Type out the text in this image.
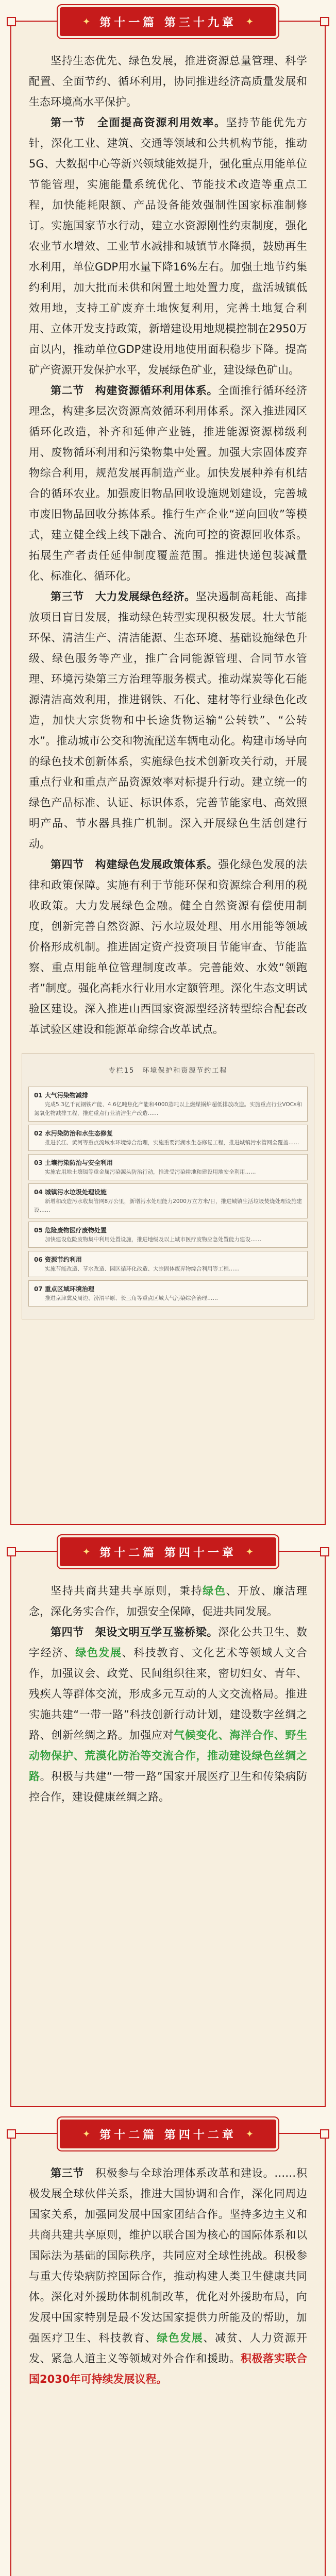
✦ 第十一篇 第三十九章 ✦
坚持生态优先、绿色发展，推进资源总量管理、科学配置、全面节约、循环利用，协同推进经济高质量发展和生态环境高水平保护。
第一节　全面提高资源利用效率。坚持节能优先方针，深化工业、建筑、交通等领域和公共机构节能，推动5G、大数据中心等新兴领域能效提升，强化重点用能单位节能管理，实施能量系统优化、节能技术改造等重点工程，加快能耗限额、产品设备能效强制性国家标准制修订。实施国家节水行动，建立水资源刚性约束制度，强化农业节水增效、工业节水减排和城镇节水降损，鼓励再生水利用，单位GDP用水量下降16%左右。加强土地节约集约利用，加大批而未供和闲置土地处置力度，盘活城镇低效用地，支持工矿废弃土地恢复利用，完善土地复合利用、立体开发支持政策，新增建设用地规模控制在2950万亩以内，推动单位GDP建设用地使用面积稳步下降。提高矿产资源开发保护水平，发展绿色矿业，建设绿色矿山。
第二节　构建资源循环利用体系。全面推行循环经济理念，构建多层次资源高效循环利用体系。深入推进园区循环化改造，补齐和延伸产业链，推进能源资源梯级利用、废物循环利用和污染物集中处置。加强大宗固体废弃物综合利用，规范发展再制造产业。加快发展种养有机结合的循环农业。加强废旧物品回收设施规划建设，完善城市废旧物品回收分拣体系。推行生产企业“逆向回收”等模式，建立健全线上线下融合、流向可控的资源回收体系。拓展生产者责任延伸制度覆盖范围。推进快递包装减量化、标准化、循环化。
第三节　大力发展绿色经济。坚决遏制高耗能、高排放项目盲目发展，推动绿色转型实现积极发展。壮大节能环保、清洁生产、清洁能源、生态环境、基础设施绿色升级、绿色服务等产业，推广合同能源管理、合同节水管理、环境污染第三方治理等服务模式。推动煤炭等化石能源清洁高效利用，推进钢铁、石化、建材等行业绿色化改造，加快大宗货物和中长途货物运输“公转铁”、“公转水”。推动城市公交和物流配送车辆电动化。构建市场导向的绿色技术创新体系，实施绿色技术创新攻关行动，开展重点行业和重点产品资源效率对标提升行动。建立统一的绿色产品标准、认证、标识体系，完善节能家电、高效照明产品、节水器具推广机制。深入开展绿色生活创建行动。
第四节　构建绿色发展政策体系。强化绿色发展的法律和政策保障。实施有利于节能环保和资源综合利用的税收政策。大力发展绿色金融。健全自然资源有偿使用制度，创新完善自然资源、污水垃圾处理、用水用能等领域价格形成机制。推进固定资产投资项目节能审查、节能监察、重点用能单位管理制度改革。完善能效、水效“领跑者”制度。强化高耗水行业用水定额管理。深化生态文明试验区建设。深入推进山西国家资源型经济转型综合配套改革试验区建设和能源革命综合改革试点。
专栏15　环境保护和资源节约工程
01 大气污染物减排
完成5.3亿千瓦钢铁产能、4.6亿吨焦化产能和4000蒸吨以上燃煤锅炉超低排放改造。实施重点行业VOCs和氮氧化物减排工程，推进重点行业清洁生产改造……
02 水污染防治和水生态修复
推进长江、黄河等重点流域水环境综合治理，实施重要河湖水生态修复工程，推进城镇污水管网全覆盖……
03 土壤污染防治与安全利用
实施农用地土壤镉等重金属污染源头防治行动，推进受污染耕地和建设用地安全利用……
04 城镇污水垃圾处理设施
新增和改造污水收集管网8万公里，新增污水处理能力2000万立方米/日，推进城镇生活垃圾焚烧处理设施建设……
05 危险废物医疗废物处置
加快建设危险废物集中利用处置设施，推进地级及以上城市医疗废物应急处置能力建设……
06 资源节约利用
实施节能改造、节水改造、园区循环化改造、大宗固体废弃物综合利用等工程……
07 重点区域环境治理
推进京津冀及周边、汾渭平原、长三角等重点区域大气污染综合治理……
✦ 第十二篇 第四十一章 ✦
坚持共商共建共享原则，秉持绿色、开放、廉洁理念，深化务实合作，加强安全保障，促进共同发展。
第四节　架设文明互学互鉴桥梁。深化公共卫生、数字经济、绿色发展、科技教育、文化艺术等领域人文合作，加强议会、政党、民间组织往来，密切妇女、青年、残疾人等群体交流，形成多元互动的人文交流格局。推进实施共建“一带一路”科技创新行动计划，建设数字丝绸之路、创新丝绸之路。加强应对气候变化、海洋合作、野生动物保护、荒漠化防治等交流合作，推动建设绿色丝绸之路。积极与共建“一带一路”国家开展医疗卫生和传染病防控合作，建设健康丝绸之路。
✦ 第十二篇 第四十二章 ✦
第三节　积极参与全球治理体系改革和建设。……积极发展全球伙伴关系，推进大国协调和合作，深化同周边国家关系，加强同发展中国家团结合作。坚持多边主义和共商共建共享原则，维护以联合国为核心的国际体系和以国际法为基础的国际秩序，共同应对全球性挑战。积极参与重大传染病防控国际合作，推动构建人类卫生健康共同体。深化对外援助体制机制改革，优化对外援助布局，向发展中国家特别是最不发达国家提供力所能及的帮助，加强医疗卫生、科技教育、绿色发展、减贫、人力资源开发、紧急人道主义等领域对外合作和援助。积极落实联合国2030年可持续发展议程。
